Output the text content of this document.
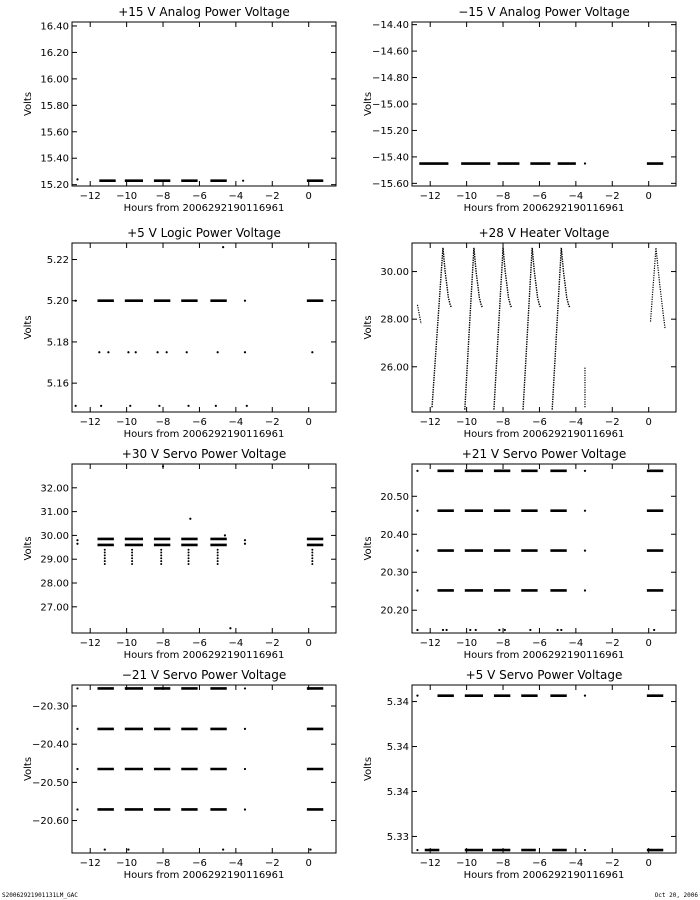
+15 V Analog Power Voltage
Hours from 2006292190116961
Volts
−12 −10 −8 −6 −4 −2	0
15.20
15.40
15.60
15.80
16.00
16.20
16.40
−15 V Analog Power Voltage
Hours from 2006292190116961
Volts
−12 −10 −8 −6 −4 −2	0
−15.60
−15.40
−15.20
−15.00
−14.80
−14.60
−14.40
+5 V Logic Power Voltage
Hours from 2006292190116961
Volts
−12 −10 −8 −6 −4 −2	0
5.16
5.18
5.20
5.22
+28 V Heater Voltage
Hours from 2006292190116961
Volts
−12 −10 −8 −6 −4 −2	0
26.00
28.00
30.00
+30 V Servo Power Voltage
Hours from 2006292190116961
Volts
−12 −10 −8 −6 −4 −2	0
27.00
28.00
29.00
30.00
31.00
32.00
+21 V Servo Power Voltage
Hours from 2006292190116961
Volts
−12 −10 −8 −6 −4 −2	0
20.20
20.30
20.40
20.50
−21 V Servo Power Voltage
Hours from 2006292190116961
Volts
−12 −10 −8 −6 −4 −2	0
−20.60
−20.50
−20.40
−20.30
+5 V Servo Power Voltage
Hours from 2006292190116961
Volts
−12 −10 −8 −6 −4 −2	0
5.33
5.34
5.34
5.34
S20062921901131LM_GAC	Oct 20, 2006
